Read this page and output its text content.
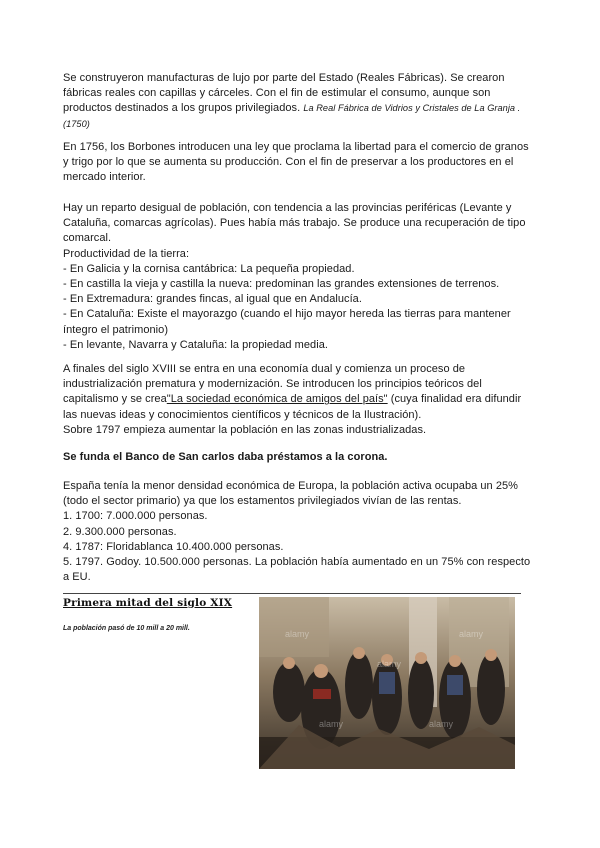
Se construyeron manufacturas de lujo por parte del Estado (Reales Fábricas). Se crearon fábricas reales con capillas y cárceles. Con el fin de estimular el consumo, aunque son productos destinados a los grupos privilegiados. La Real Fábrica de Vidrios y Cristales de La Granja .(1750)

En 1756, los Borbones introducen una ley que proclama la libertad para el comercio de granos y trigo por lo que se aumenta su producción. Con el fin de preservar a los productores en el mercado interior.

Hay un reparto desigual de población, con tendencia a las provincias periféricas (Levante y Cataluña, comarcas agrícolas). Pues había más trabajo. Se produce una recuperación de tipo comarcal.

Productividad de la tierra:

- En Galicia y la cornisa cantábrica: La pequeña propiedad.

- En castilla la vieja y castilla la nueva: predominan las grandes extensiones de terrenos.

- En Extremadura: grandes fincas, al igual que en Andalucía.

- En Cataluña: Existe el mayorazgo (cuando el hijo mayor hereda las tierras para mantener íntegro el patrimonio)

- En levante, Navarra y Cataluña: la propiedad media.

A finales del siglo XVIII se entra en una economía dual y comienza un proceso de industrialización prematura y modernización. Se introducen los principios teóricos del capitalismo y se crea"La sociedad económica de amigos del país" (cuya finalidad era difundir las nuevas ideas y conocimientos científicos y técnicos de la Ilustración).

Sobre 1797 empieza aumentar la población en las zonas industrializadas.

Se funda el Banco de San carlos daba préstamos a la corona.

España tenía la menor densidad económica de Europa, la población activa ocupaba un 25% (todo el sector primario) ya que los estamentos privilegiados vivían de las rentas.

1. 1700: 7.000.000 personas.

2. 9.300.000 personas.

4. 1787: Floridablanca 10.400.000 personas.

5. 1797. Godoy. 10.500.000 personas. La población había aumentado en un 75% con respecto a EU.

Primera mitad del siglo XIX
La población pasó de 10 mill a 20 mill.
alamy
alamy
alamy
alamy	alamy
